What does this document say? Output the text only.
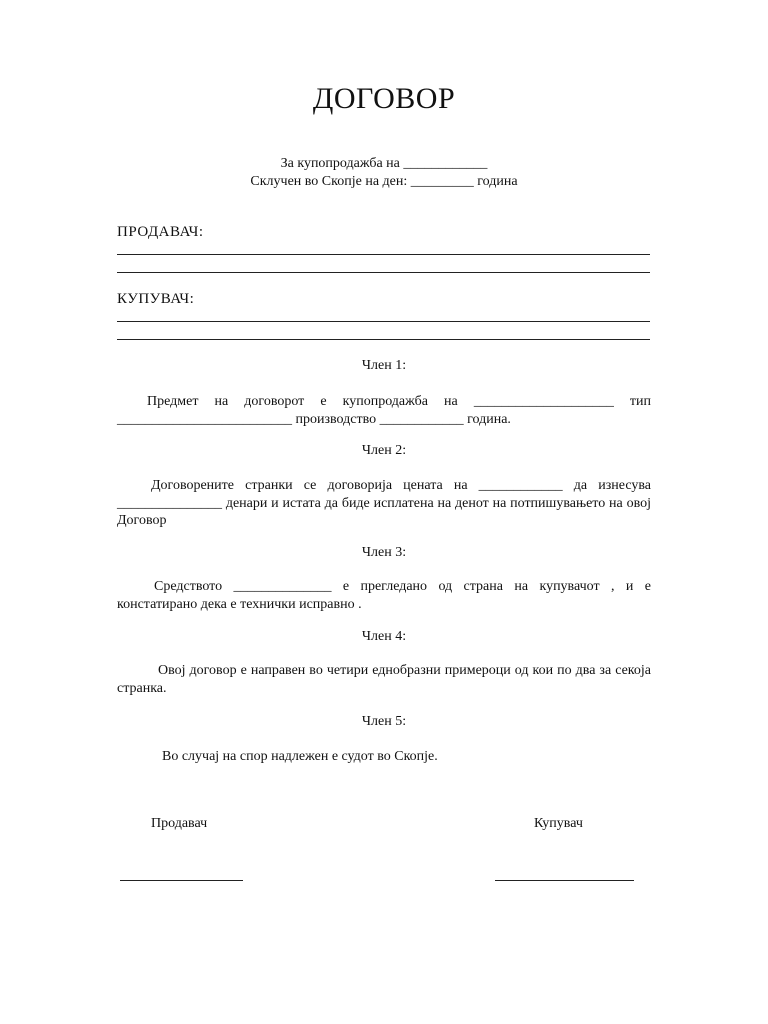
ДОГОВОР
За купопродажба на ____________
Склучен во Скопје на ден: _________ година
ПРОДАВАЧ:
КУПУВАЧ:
Член 1:
Предмет на договорот е купопродажба на ____________________ тип _________________________ производство ____________ година.
Член 2:
Договорените странки се договорија цената на ____________ да изнесува _______________ денари и истата да биде исплатена на денот на потпишувањето на овој Договор
Член 3:
Средството ______________ е прегледано од страна на купувачот , и е констатирано дека е технички исправно .
Член 4:
Овој договор е направен во четири еднобразни примероци од кои по два за секоја странка.
Член 5:
Во случај на спор надлежен е судот во Скопје.
Продавач	Купувач
